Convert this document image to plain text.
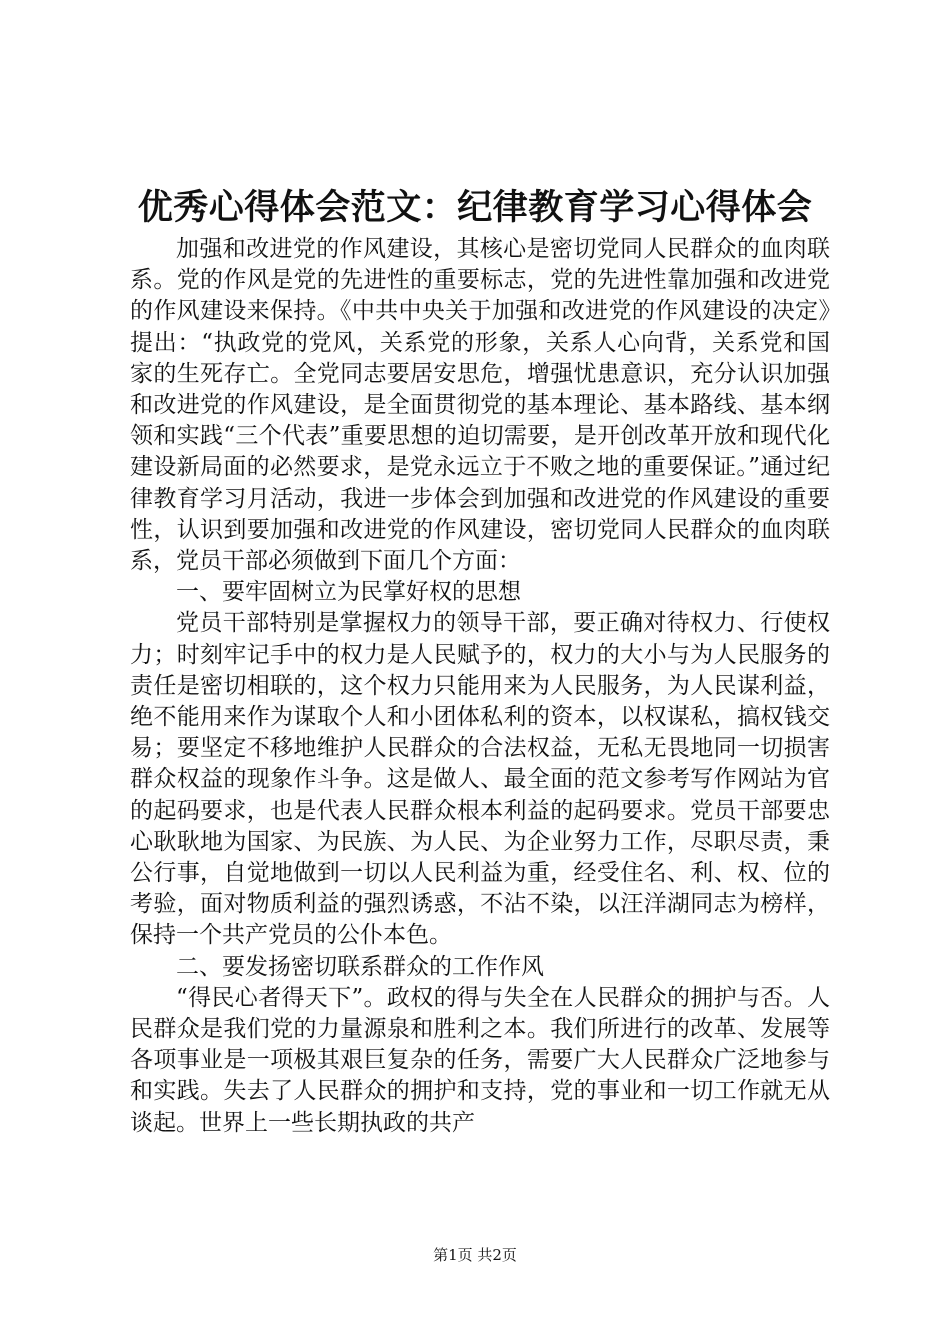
优秀心得体会范文：纪律教育学习心得体会

加强和改进党的作风建设，其核心是密切党同人民群众的血肉联系。党的作风是党的先进性的重要标志，党的先进性靠加强和改进党的作风建设来保持。《中共中央关于加强和改进党的作风建设的决定》提出：“执政党的党风，关系党的形象，关系人心向背，关系党和国家的生死存亡。全党同志要居安思危，增强忧患意识，充分认识加强和改进党的作风建设，是全面贯彻党的基本理论、基本路线、基本纲领和实践“三个代表”重要思想的迫切需要，是开创改革开放和现代化建设新局面的必然要求，是党永远立于不败之地的重要保证。”通过纪律教育学习月活动，我进一步体会到加强和改进党的作风建设的重要性，认识到要加强和改进党的作风建设，密切党同人民群众的血肉联系，党员干部必须做到下面几个方面：

一、要牢固树立为民掌好权的思想

党员干部特别是掌握权力的领导干部，要正确对待权力、行使权力；时刻牢记手中的权力是人民赋予的，权力的大小与为人民服务的责任是密切相联的，这个权力只能用来为人民服务，为人民谋利益，绝不能用来作为谋取个人和小团体私利的资本，以权谋私，搞权钱交易；要坚定不移地维护人民群众的合法权益，无私无畏地同一切损害群众权益的现象作斗争。这是做人、最全面的范文参考写作网站为官的起码要求，也是代表人民群众根本利益的起码要求。党员干部要忠心耿耿地为国家、为民族、为人民、为企业努力工作，尽职尽责，秉公行事，自觉地做到一切以人民利益为重，经受住名、利、权、位的考验，面对物质利益的强烈诱惑，不沾不染，以汪洋湖同志为榜样，保持一个共产党员的公仆本色。

二、要发扬密切联系群众的工作作风

“得民心者得天下”。政权的得与失全在人民群众的拥护与否。人民群众是我们党的力量源泉和胜利之本。我们所进行的改革、发展等各项事业是一项极其艰巨复杂的任务，需要广大人民群众广泛地参与和实践。失去了人民群众的拥护和支持，党的事业和一切工作就无从谈起。世界上一些长期执政的共产

第1页 共2页
